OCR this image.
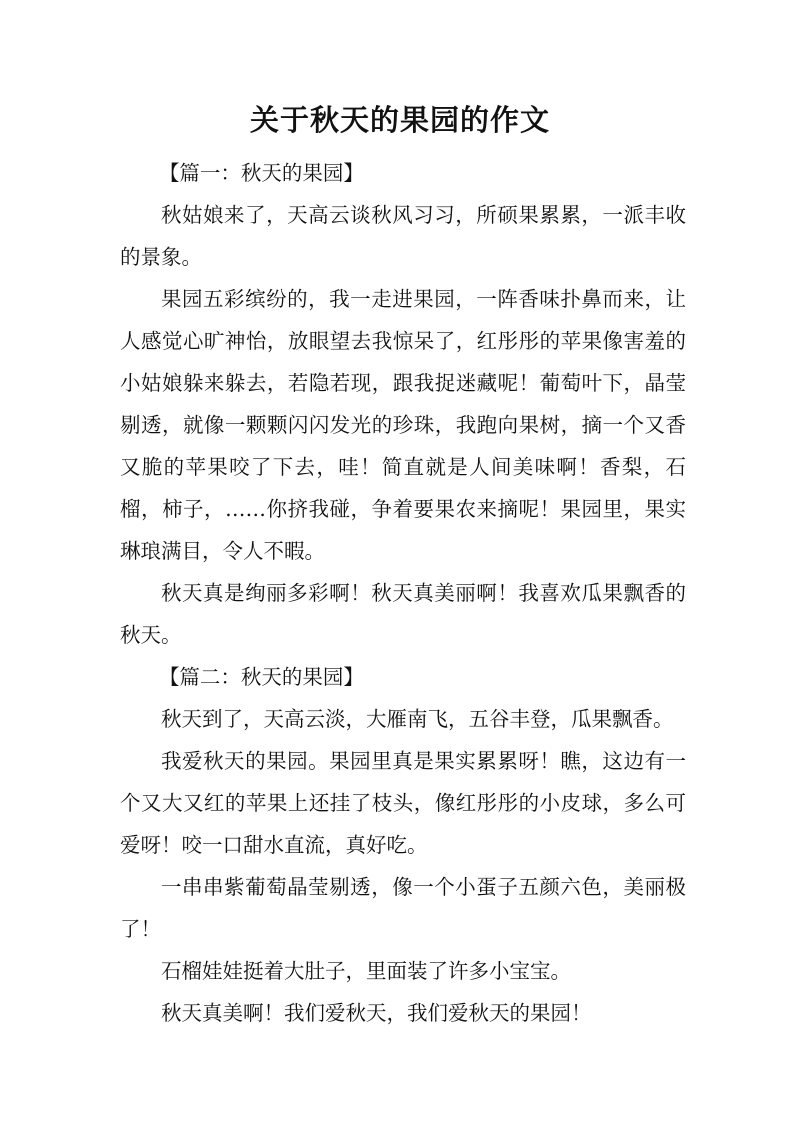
关于秋天的果园的作文

【篇一：秋天的果园】

秋姑娘来了，天高云谈秋风习习，所硕果累累，一派丰收的景象。

果园五彩缤纷的，我一走进果园，一阵香味扑鼻而来，让人感觉心旷神怡，放眼望去我惊呆了，红彤彤的苹果像害羞的小姑娘躲来躲去，若隐若现，跟我捉迷藏呢！葡萄叶下，晶莹剔透，就像一颗颗闪闪发光的珍珠，我跑向果树，摘一个又香又脆的苹果咬了下去，哇！简直就是人间美味啊！香梨，石榴，柿子，……你挤我碰，争着要果农来摘呢！果园里，果实琳琅满目，令人不暇。

秋天真是绚丽多彩啊！秋天真美丽啊！我喜欢瓜果飘香的秋天。

【篇二：秋天的果园】

秋天到了，天高云淡，大雁南飞，五谷丰登，瓜果飘香。

我爱秋天的果园。果园里真是果实累累呀！瞧，这边有一个又大又红的苹果上还挂了枝头，像红彤彤的小皮球，多么可爱呀！咬一口甜水直流，真好吃。

一串串紫葡萄晶莹剔透，像一个小蛋子五颜六色，美丽极了！

石榴娃娃挺着大肚子，里面装了许多小宝宝。

秋天真美啊！我们爱秋天，我们爱秋天的果园！
